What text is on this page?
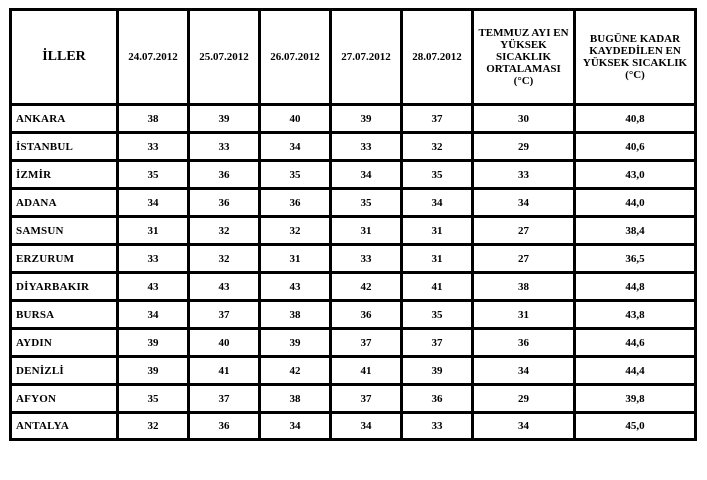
İLLER	24.07.2012	25.07.2012	26.07.2012	27.07.2012	28.07.2012	TEMMUZ AYI EN YÜKSEK SICAKLIK ORTALAMASI (°C)	BUGÜNE KADAR KAYDEDİLEN EN YÜKSEK SICAKLIK (°C)

ANKARA	38	39	40	39	37	30	40,8
İSTANBUL	33	33	34	33	32	29	40,6
İZMİR	35	36	35	34	35	33	43,0
ADANA	34	36	36	35	34	34	44,0
SAMSUN	31	32	32	31	31	27	38,4
ERZURUM	33	32	31	33	31	27	36,5
DİYARBAKIR	43	43	43	42	41	38	44,8
BURSA	34	37	38	36	35	31	43,8
AYDIN	39	40	39	37	37	36	44,6
DENİZLİ	39	41	42	41	39	34	44,4
AFYON	35	37	38	37	36	29	39,8
ANTALYA	32	36	34	34	33	34	45,0
